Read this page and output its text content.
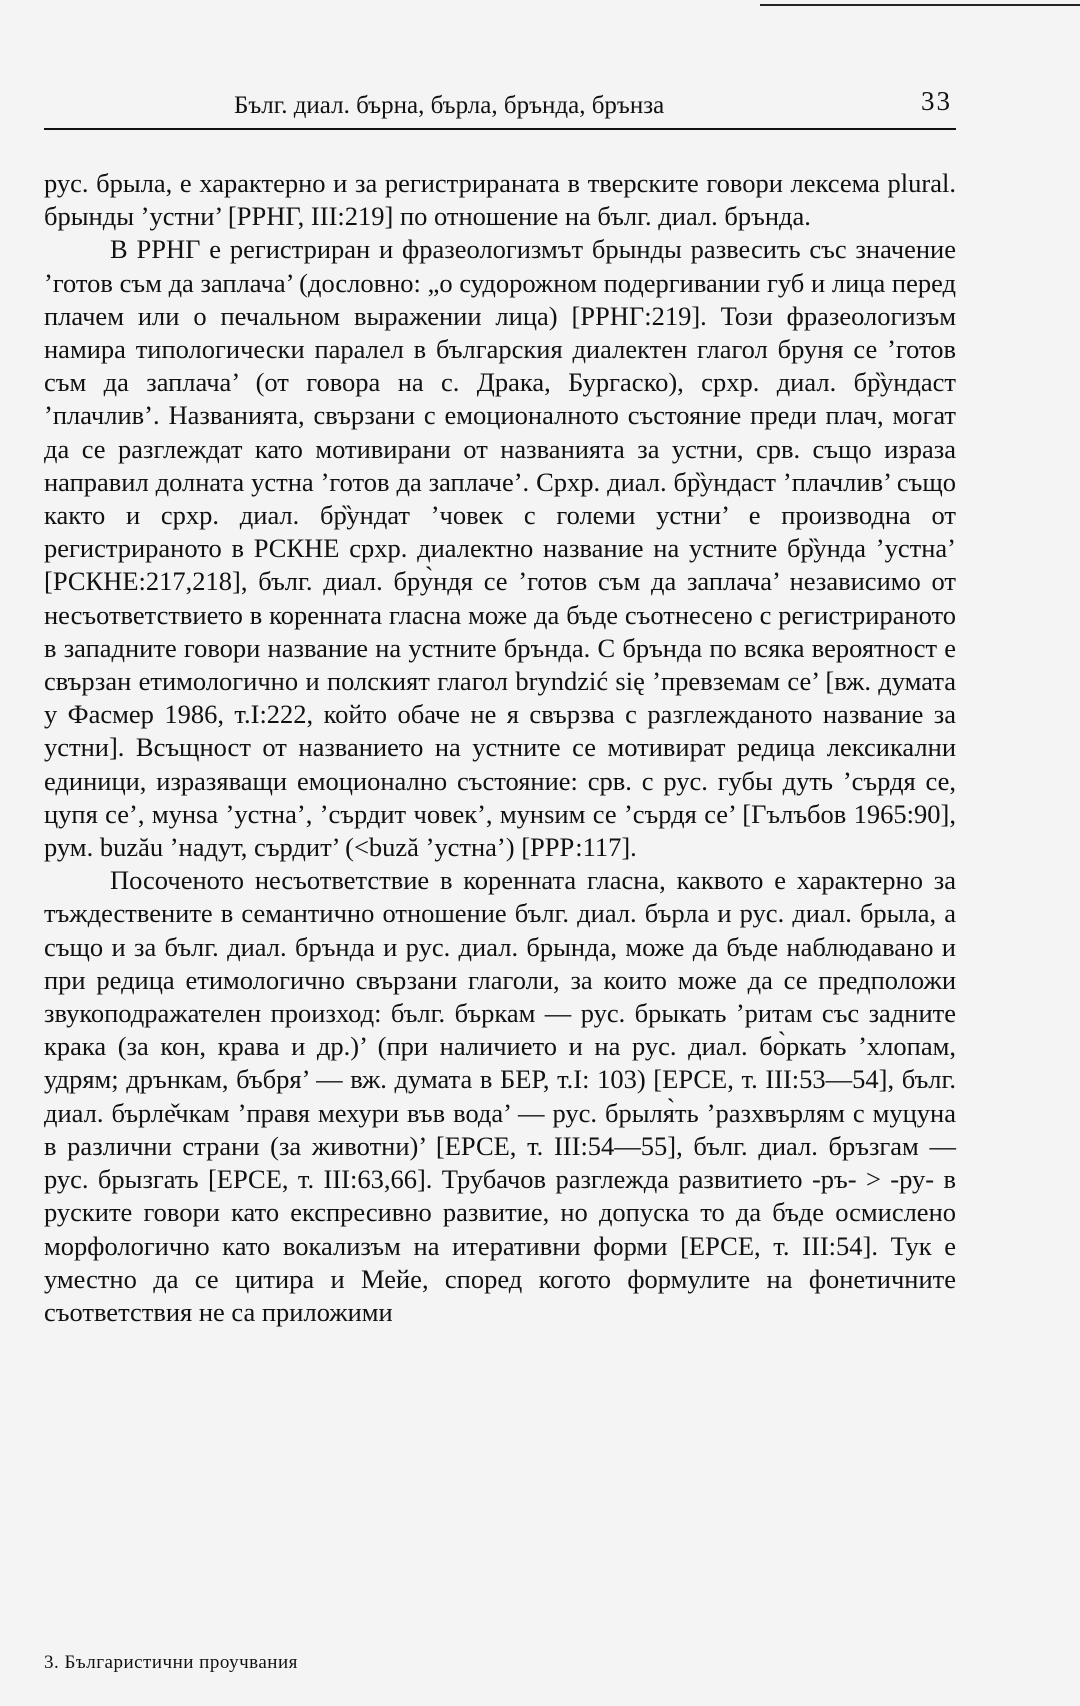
Бълг. диал. бърна, бърла, брънда, брънза	33

рус. брыла, е характерно и за регистрираната в тверските говори лексема plural. брынды ’устни’ [РРНГ, III:219] по отношение на бълг. диал. брънда.

В РРНГ е регистриран и фразеологизмът брынды развесить със значение ’готов съм да заплача’ (дословно: „о судорожном подергивании губ и лица перед плачем или о печальном выражении лица) [РРНГ:219]. Този фразеологизъм намира типологически паралел в българския диалектен глагол бруня се ’готов съм да заплача’ (от говора на с. Драка, Бургаско), срхр. диал. бр̏ундаст ’плачлив’. Названията, свързани с емоционалното състояние преди плач, могат да се разглеждат като мотивирани от названията за устни, срв. също израза направил долната устна ’готов да заплаче’. Срхр. диал. бр̏ундаст ’плачлив’ също както и срхр. диал. бр̏ундат ’човек с големи устни’ е производна от регистрираното в РСКНЕ срхр. диалектно название на устните бр̏унда ’устна’ [РСКНЕ:217,218], бълг. диал. бру̀ндя се ’готов съм да заплача’ независимо от несъответствието в коренната гласна може да бъде съотнесено с регистрираното в западните говори название на устните брънда. С брънда по всяка вероятност е свързан етимологично и полският глагол bryndzić się ’превземам се’ [вж. думата у Фасмер 1986, т.I:222, който обаче не я свързва с разглежданото название за устни]. Всъщност от названието на устните се мотивират редица лексикални единици, изразяващи емоционално състояние: срв. с рус. губы дуть ’сърдя се, цупя се’, мунѕа ’устна’, ’сърдит човек’, мунѕим се ’сърдя се’ [Гълъбов 1965:90], рум. buzău ’надут, сърдит’ (<buză ’устна’) [РРР:117].

Посоченото несъответствие в коренната гласна, каквото е характерно за тъждествените в семантично отношение бълг. диал. бърла и рус. диал. брыла, а също и за бълг. диал. брънда и рус. диал. брында, може да бъде наблюдавано и при редица етимологично свързани глаголи, за които може да се предположи звукоподражателен произход: бълг. бъркам — рус. брыкать ’ритам със задните крака (за кон, крава и др.)’ (при наличието и на рус. диал. бо̀ркать ’хлопам, удрям; дрънкам, бъбря’ — вж. думата в БЕР, т.I: 103) [ЕРСЕ, т. III:53—54], бълг. диал. бърле̌чкам ’правя мехури във вода’ — рус. брыля̀ть ’разхвърлям с муцуна в различни страни (за животни)’ [ЕРСЕ, т. III:54—55], бълг. диал. бръзгам — рус. брызгать [ЕРСЕ, т. III:63,66]. Трубачов разглежда развитието -ръ- > -ру- в руските говори като експресивно развитие, но допуска то да бъде осмислено морфологично като вокализъм на итеративни форми [ЕРСЕ, т. III:54]. Тук е уместно да се цитира и Мейе, според когото формулите на фонетичните съответствия не са приложими

3. Българистични проучвания
